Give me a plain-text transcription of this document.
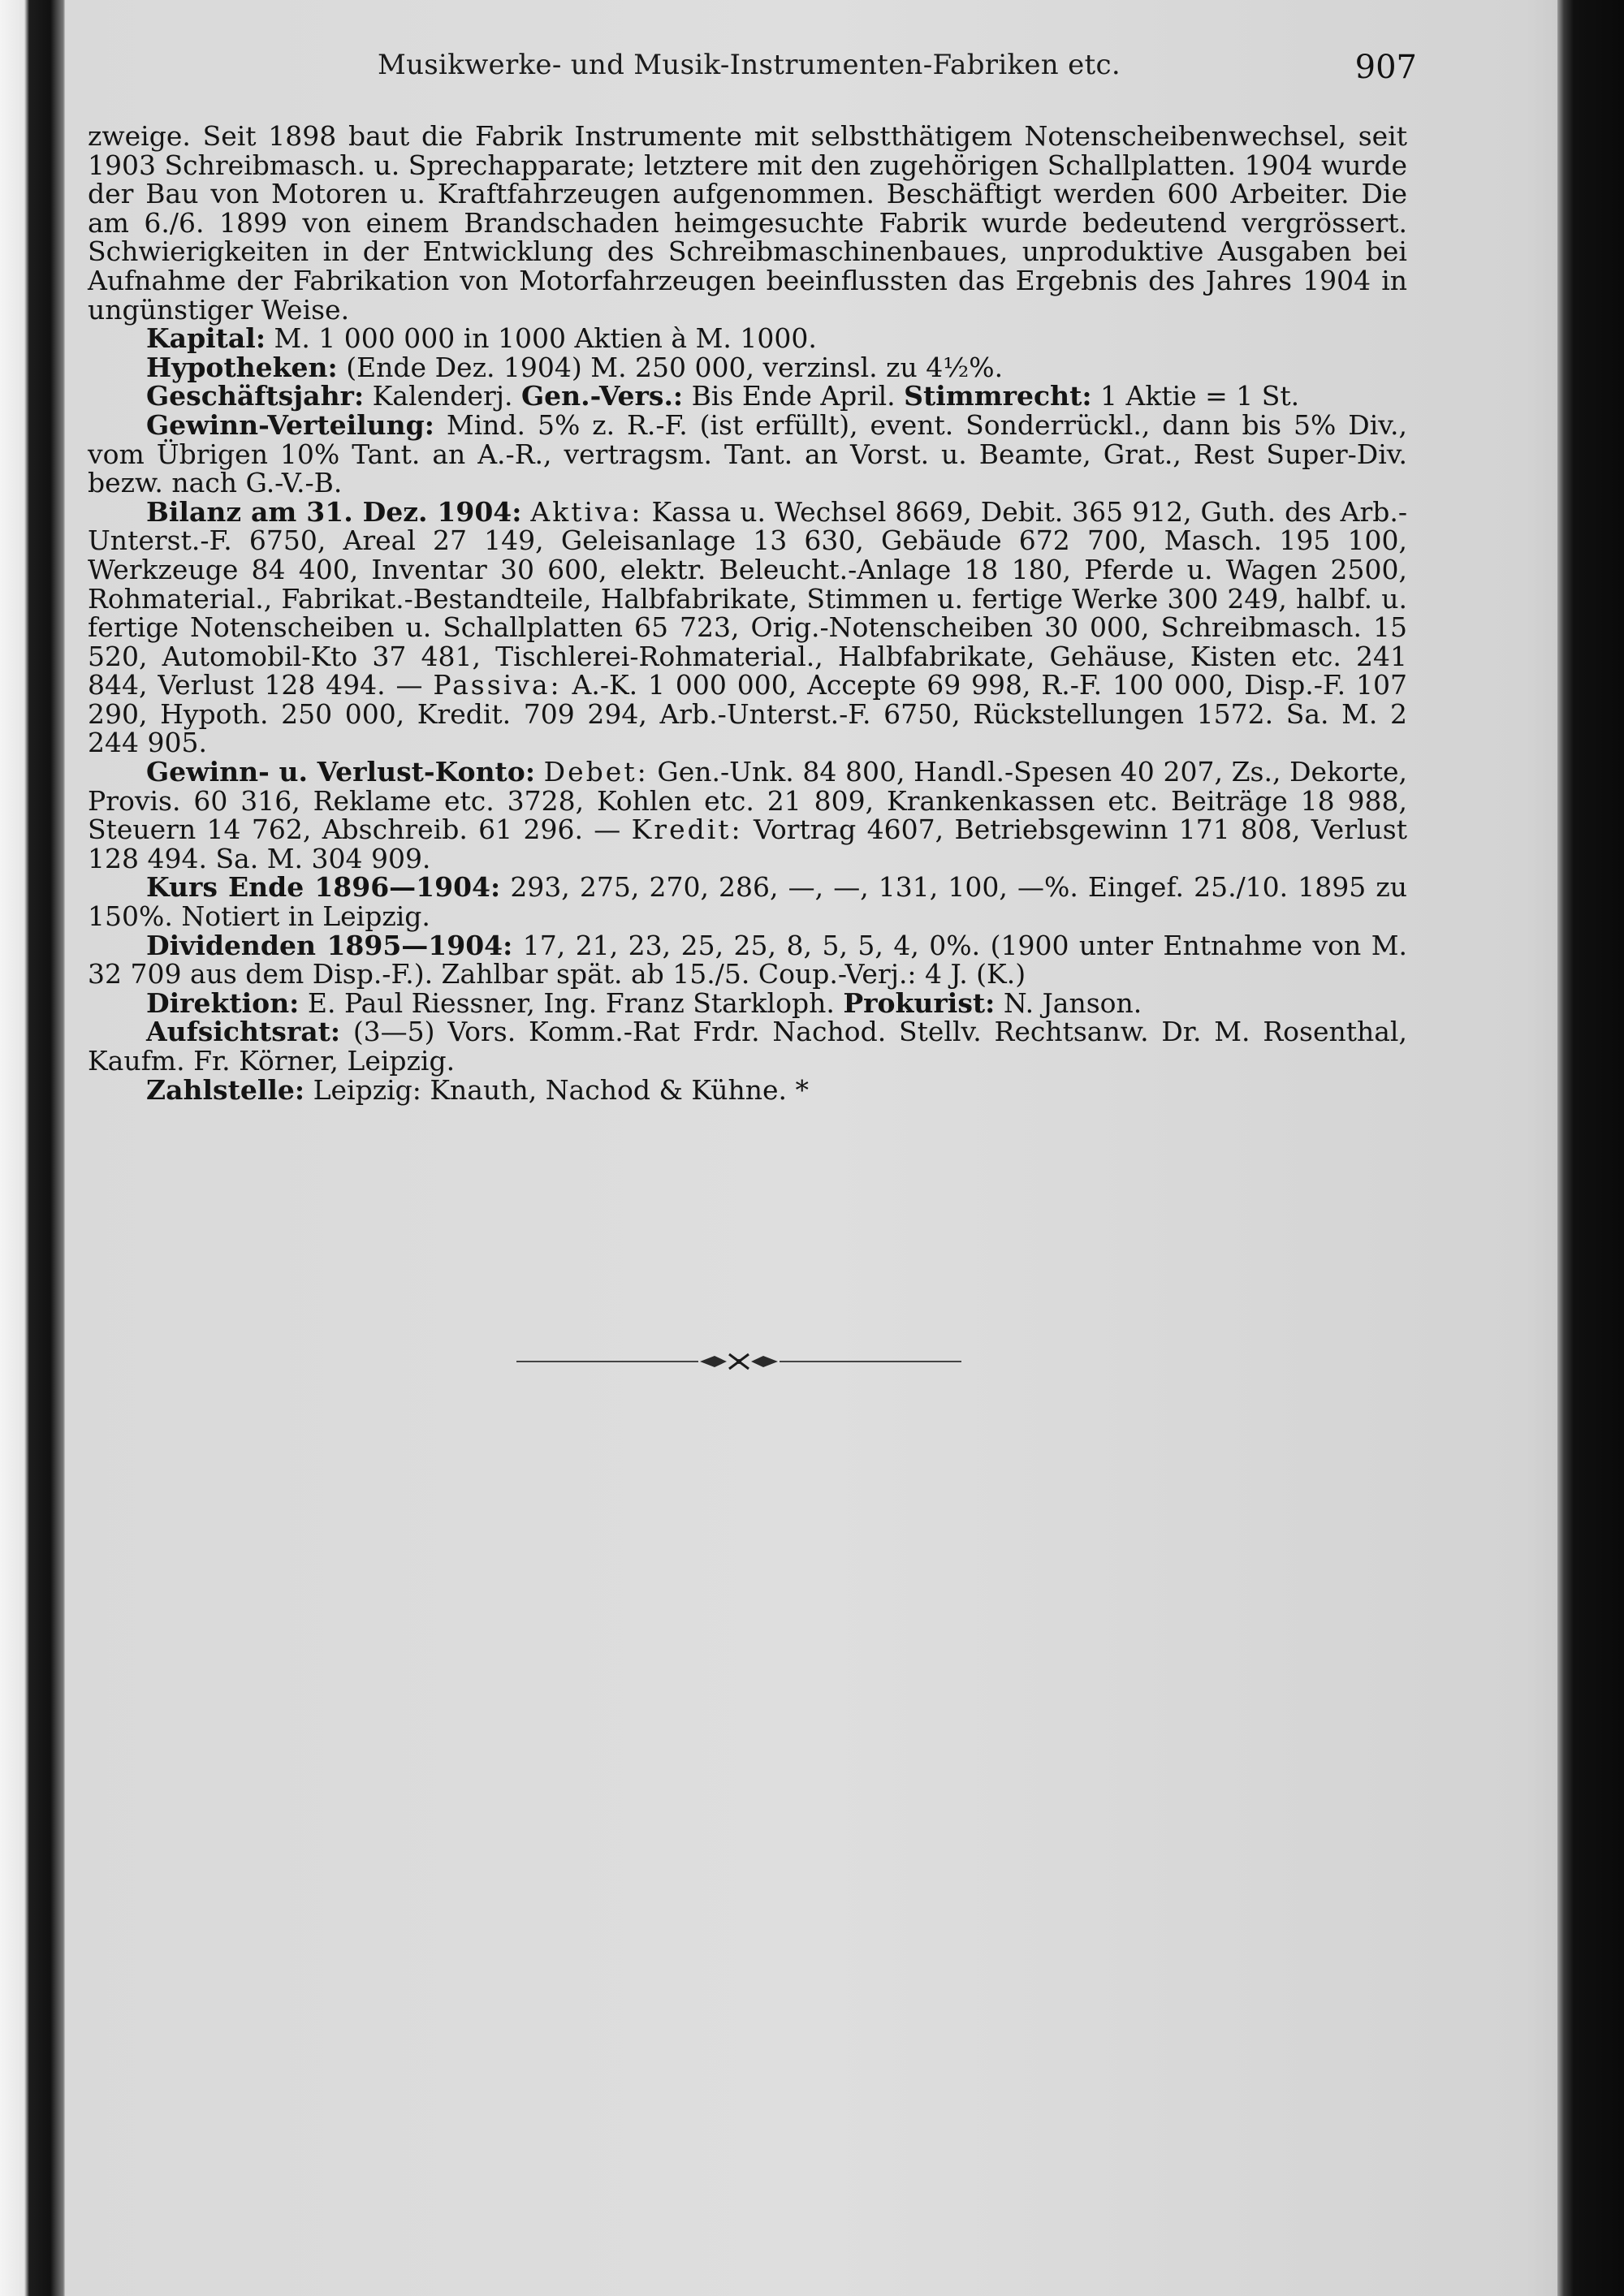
Musikwerke- und Musik-Instrumenten-Fabriken etc.	907

zweige. Seit 1898 baut die Fabrik Instrumente mit selbstthätigem Notenscheibenwechsel, seit 1903 Schreibmasch. u. Sprechapparate; letztere mit den zugehörigen Schallplatten. 1904 wurde der Bau von Motoren u. Kraftfahrzeugen aufgenommen. Beschäftigt werden 600 Arbeiter. Die am 6./6. 1899 von einem Brandschaden heimgesuchte Fabrik wurde bedeutend vergrössert. Schwierigkeiten in der Entwicklung des Schreibmaschinenbaues, unproduktive Ausgaben bei Aufnahme der Fabrikation von Motorfahrzeugen beeinflussten das Ergebnis des Jahres 1904 in ungünstiger Weise.

Kapital: M. 1 000 000 in 1000 Aktien à M. 1000.

Hypotheken: (Ende Dez. 1904) M. 250 000, verzinsl. zu 4½%.

Geschäftsjahr: Kalenderj. Gen.-Vers.: Bis Ende April. Stimmrecht: 1 Aktie = 1 St.

Gewinn-Verteilung: Mind. 5% z. R.-F. (ist erfüllt), event. Sonderrückl., dann bis 5% Div., vom Übrigen 10% Tant. an A.-R., vertragsm. Tant. an Vorst. u. Beamte, Grat., Rest Super-Div. bezw. nach G.-V.-B.

Bilanz am 31. Dez. 1904: Aktiva: Kassa u. Wechsel 8669, Debit. 365 912, Guth. des Arb.-Unterst.-F. 6750, Areal 27 149, Geleisanlage 13 630, Gebäude 672 700, Masch. 195 100, Werkzeuge 84 400, Inventar 30 600, elektr. Beleucht.-Anlage 18 180, Pferde u. Wagen 2500, Rohmaterial., Fabrikat.-Bestandteile, Halbfabrikate, Stimmen u. fertige Werke 300 249, halbf. u. fertige Notenscheiben u. Schallplatten 65 723, Orig.-Notenscheiben 30 000, Schreibmasch. 15 520, Automobil-Kto 37 481, Tischlerei-Rohmaterial., Halbfabrikate, Gehäuse, Kisten etc. 241 844, Verlust 128 494. — Passiva: A.-K. 1 000 000, Accepte 69 998, R.-F. 100 000, Disp.-F. 107 290, Hypoth. 250 000, Kredit. 709 294, Arb.-Unterst.-F. 6750, Rückstellungen 1572. Sa. M. 2 244 905.

Gewinn- u. Verlust-Konto: Debet: Gen.-Unk. 84 800, Handl.-Spesen 40 207, Zs., Dekorte, Provis. 60 316, Reklame etc. 3728, Kohlen etc. 21 809, Krankenkassen etc. Beiträge 18 988, Steuern 14 762, Abschreib. 61 296. — Kredit: Vortrag 4607, Betriebsgewinn 171 808, Verlust 128 494. Sa. M. 304 909.

Kurs Ende 1896—1904: 293, 275, 270, 286, —, —, 131, 100, —%. Eingef. 25./10. 1895 zu 150%. Notiert in Leipzig.

Dividenden 1895—1904: 17, 21, 23, 25, 25, 8, 5, 5, 4, 0%. (1900 unter Entnahme von M. 32 709 aus dem Disp.-F.). Zahlbar spät. ab 15./5. Coup.-Verj.: 4 J. (K.)

Direktion: E. Paul Riessner, Ing. Franz Starkloph. Prokurist: N. Janson.

Aufsichtsrat: (3—5) Vors. Komm.-Rat Frdr. Nachod. Stellv. Rechtsanw. Dr. M. Rosenthal, Kaufm. Fr. Körner, Leipzig.

Zahlstelle: Leipzig: Knauth, Nachod & Kühne. *
